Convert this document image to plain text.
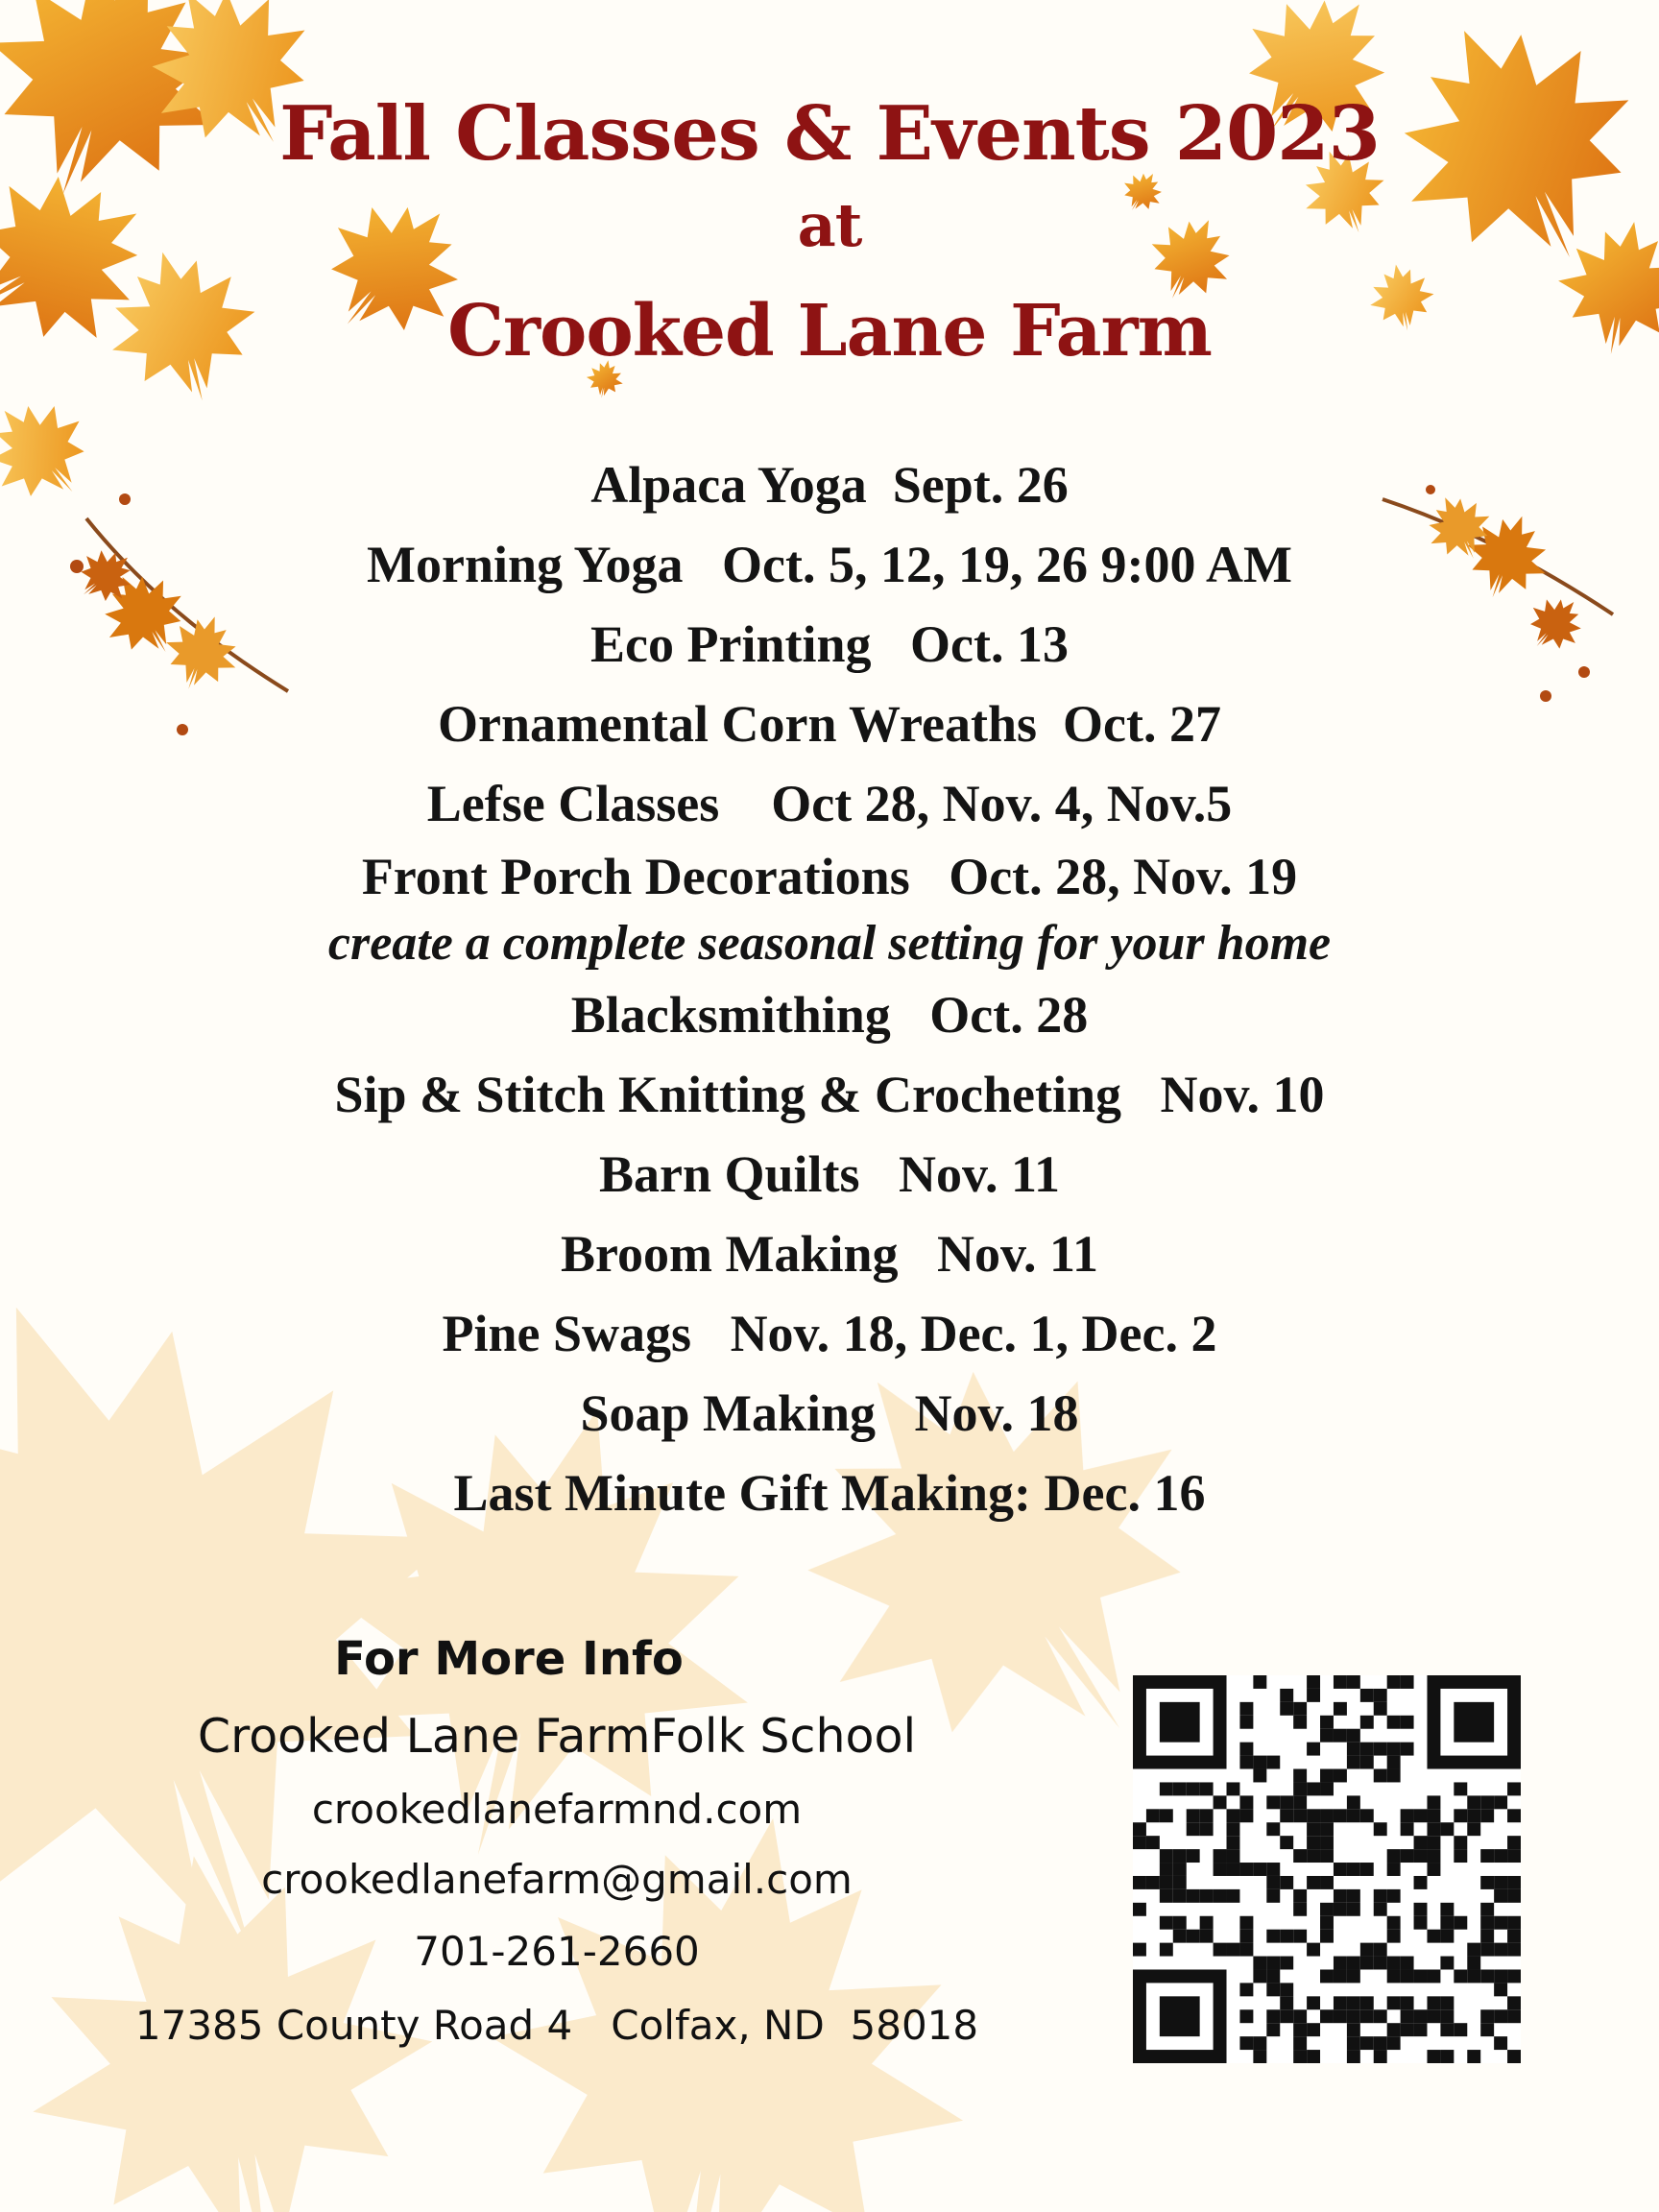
Fall Classes & Events 2023
at
Crooked Lane Farm
Alpaca Yoga  Sept. 26
Morning Yoga   Oct. 5, 12, 19, 26 9:00 AM
Eco Printing   Oct. 13
Ornamental Corn Wreaths  Oct. 27
Lefse Classes    Oct 28, Nov. 4, Nov.5
Front Porch Decorations   Oct. 28, Nov. 19
create a complete seasonal setting for your home
Blacksmithing   Oct. 28
Sip & Stitch Knitting & Crocheting   Nov. 10
Barn Quilts   Nov. 11
Broom Making   Nov. 11
Pine Swags   Nov. 18, Dec. 1, Dec. 2
Soap Making   Nov. 18
Last Minute Gift Making: Dec. 16
For More Info
Crooked Lane FarmFolk School
crookedlanefarmnd.com
crookedlanefarm@gmail.com
701-261-2660
17385 County Road 4   Colfax, ND  58018
